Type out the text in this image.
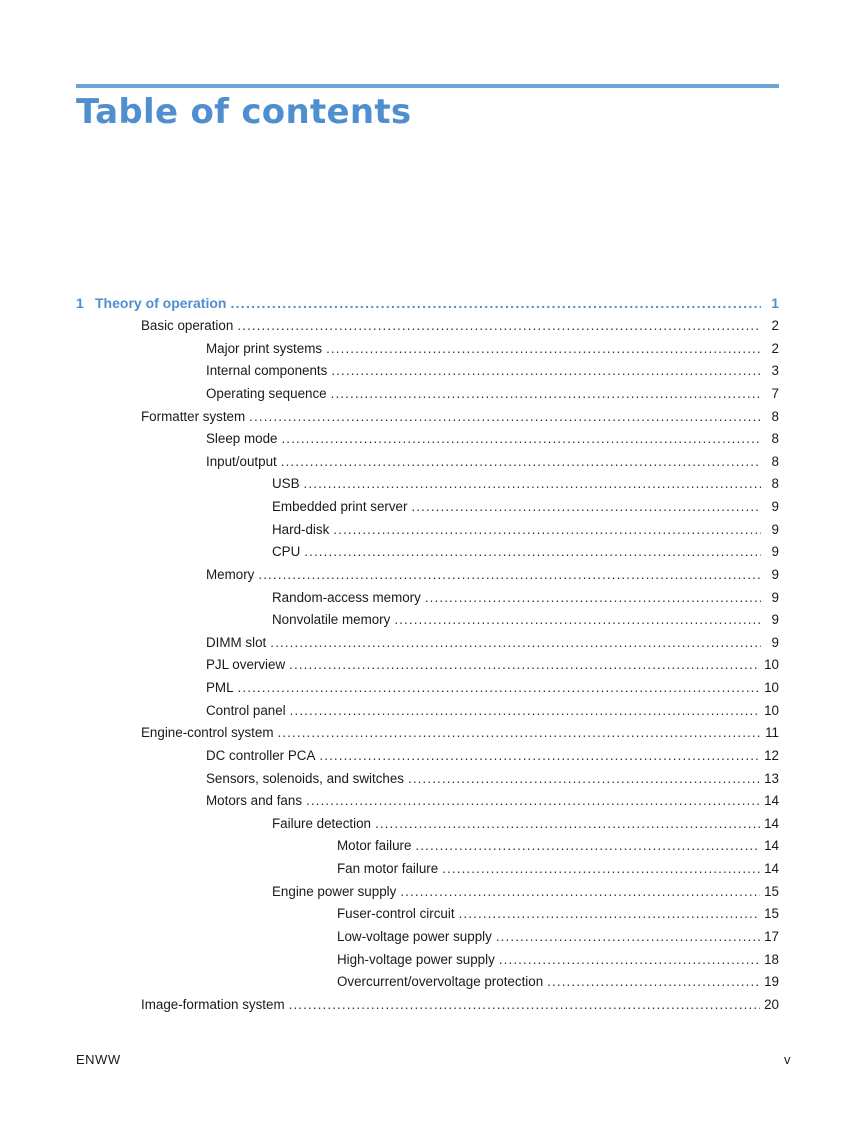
Table of contents
1 Theory of operation . . .	1
Basic operation . . .	2
Major print systems . . .	2
Internal components . . .	3
Operating sequence . . .	7
Formatter system . . .	8
Sleep mode . . .	8
Input/output . . .	8
USB . . .	8
Embedded print server . . .	9
Hard-disk . . .	9
CPU . . .	9
Memory . . .	9
Random-access memory . . .	9
Nonvolatile memory . . .	9
DIMM slot . . .	9
PJL overview . . .	10
PML . . .	10
Control panel . . .	10
Engine-control system . . .	11
DC controller PCA . . .	12
Sensors, solenoids, and switches . . .	13
Motors and fans . . .	14
Failure detection . . .	14
Motor failure . . .	14
Fan motor failure . . .	14
Engine power supply . . .	15
Fuser-control circuit . . .	15
Low-voltage power supply . . .	17
High-voltage power supply . . .	18
Overcurrent/overvoltage protection . . .	19
Image-formation system . . .	20
ENWW	v
